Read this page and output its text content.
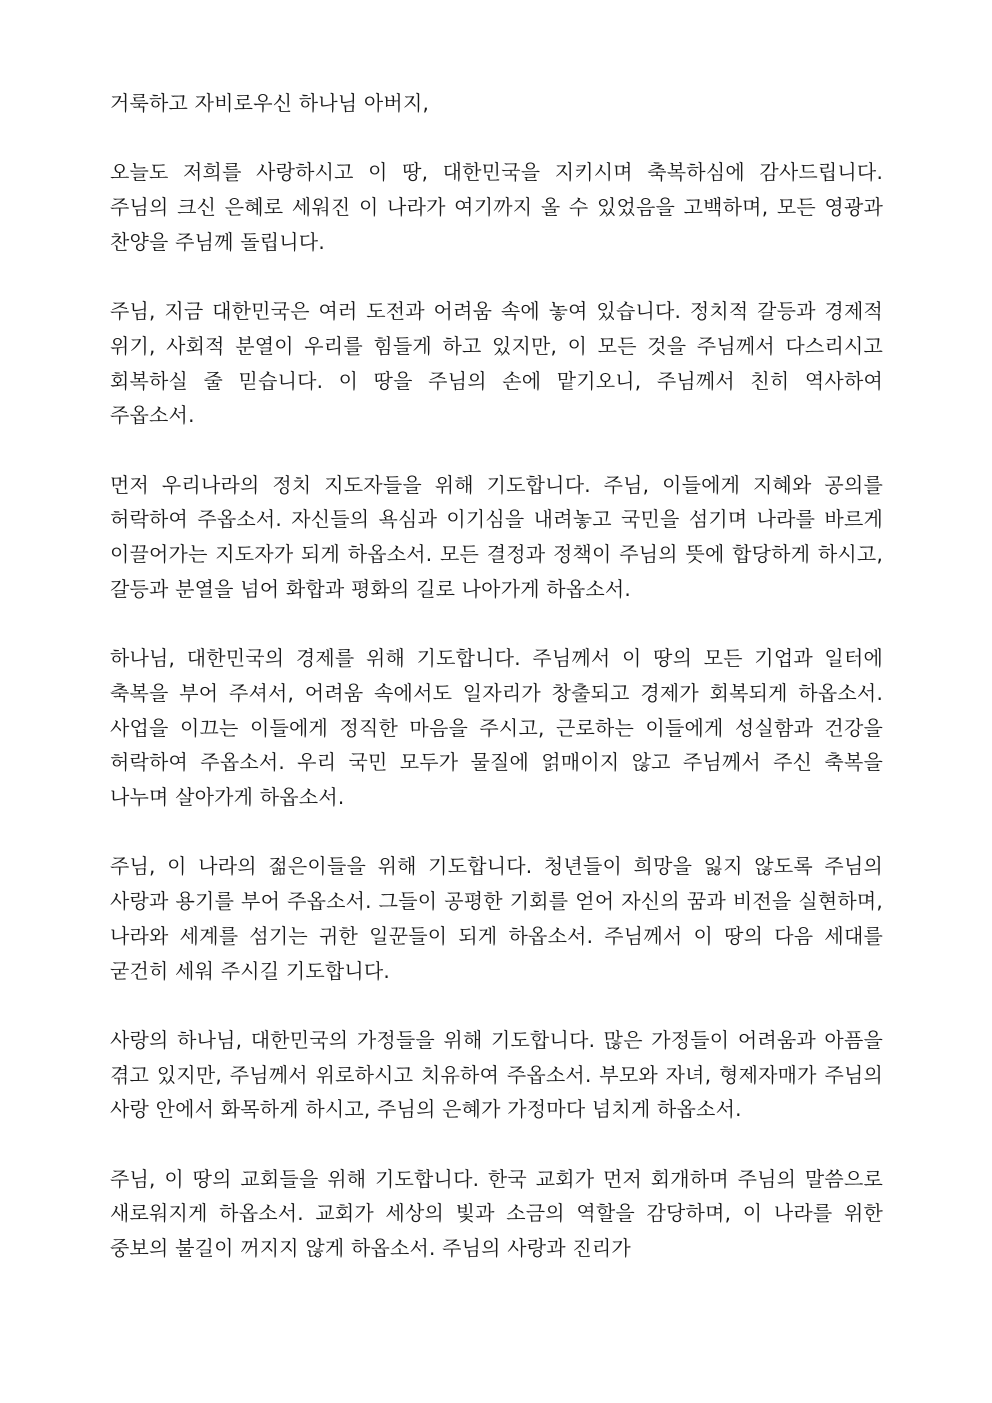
거룩하고 자비로우신 하나님 아버지,

오늘도 저희를 사랑하시고 이 땅, 대한민국을 지키시며 축복하심에 감사드립니다. 주님의 크신 은혜로 세워진 이 나라가 여기까지 올 수 있었음을 고백하며, 모든 영광과 찬양을 주님께 돌립니다.

주님, 지금 대한민국은 여러 도전과 어려움 속에 놓여 있습니다. 정치적 갈등과 경제적 위기, 사회적 분열이 우리를 힘들게 하고 있지만, 이 모든 것을 주님께서 다스리시고 회복하실 줄 믿습니다. 이 땅을 주님의 손에 맡기오니, 주님께서 친히 역사하여 주옵소서.

먼저 우리나라의 정치 지도자들을 위해 기도합니다. 주님, 이들에게 지혜와 공의를 허락하여 주옵소서. 자신들의 욕심과 이기심을 내려놓고 국민을 섬기며 나라를 바르게 이끌어가는 지도자가 되게 하옵소서. 모든 결정과 정책이 주님의 뜻에 합당하게 하시고, 갈등과 분열을 넘어 화합과 평화의 길로 나아가게 하옵소서.

하나님, 대한민국의 경제를 위해 기도합니다. 주님께서 이 땅의 모든 기업과 일터에 축복을 부어 주셔서, 어려움 속에서도 일자리가 창출되고 경제가 회복되게 하옵소서. 사업을 이끄는 이들에게 정직한 마음을 주시고, 근로하는 이들에게 성실함과 건강을 허락하여 주옵소서. 우리 국민 모두가 물질에 얽매이지 않고 주님께서 주신 축복을 나누며 살아가게 하옵소서.

주님, 이 나라의 젊은이들을 위해 기도합니다. 청년들이 희망을 잃지 않도록 주님의 사랑과 용기를 부어 주옵소서. 그들이 공평한 기회를 얻어 자신의 꿈과 비전을 실현하며, 나라와 세계를 섬기는 귀한 일꾼들이 되게 하옵소서. 주님께서 이 땅의 다음 세대를 굳건히 세워 주시길 기도합니다.

사랑의 하나님, 대한민국의 가정들을 위해 기도합니다. 많은 가정들이 어려움과 아픔을 겪고 있지만, 주님께서 위로하시고 치유하여 주옵소서. 부모와 자녀, 형제자매가 주님의 사랑 안에서 화목하게 하시고, 주님의 은혜가 가정마다 넘치게 하옵소서.

주님, 이 땅의 교회들을 위해 기도합니다. 한국 교회가 먼저 회개하며 주님의 말씀으로 새로워지게 하옵소서. 교회가 세상의 빛과 소금의 역할을 감당하며, 이 나라를 위한 중보의 불길이 꺼지지 않게 하옵소서. 주님의 사랑과 진리가
